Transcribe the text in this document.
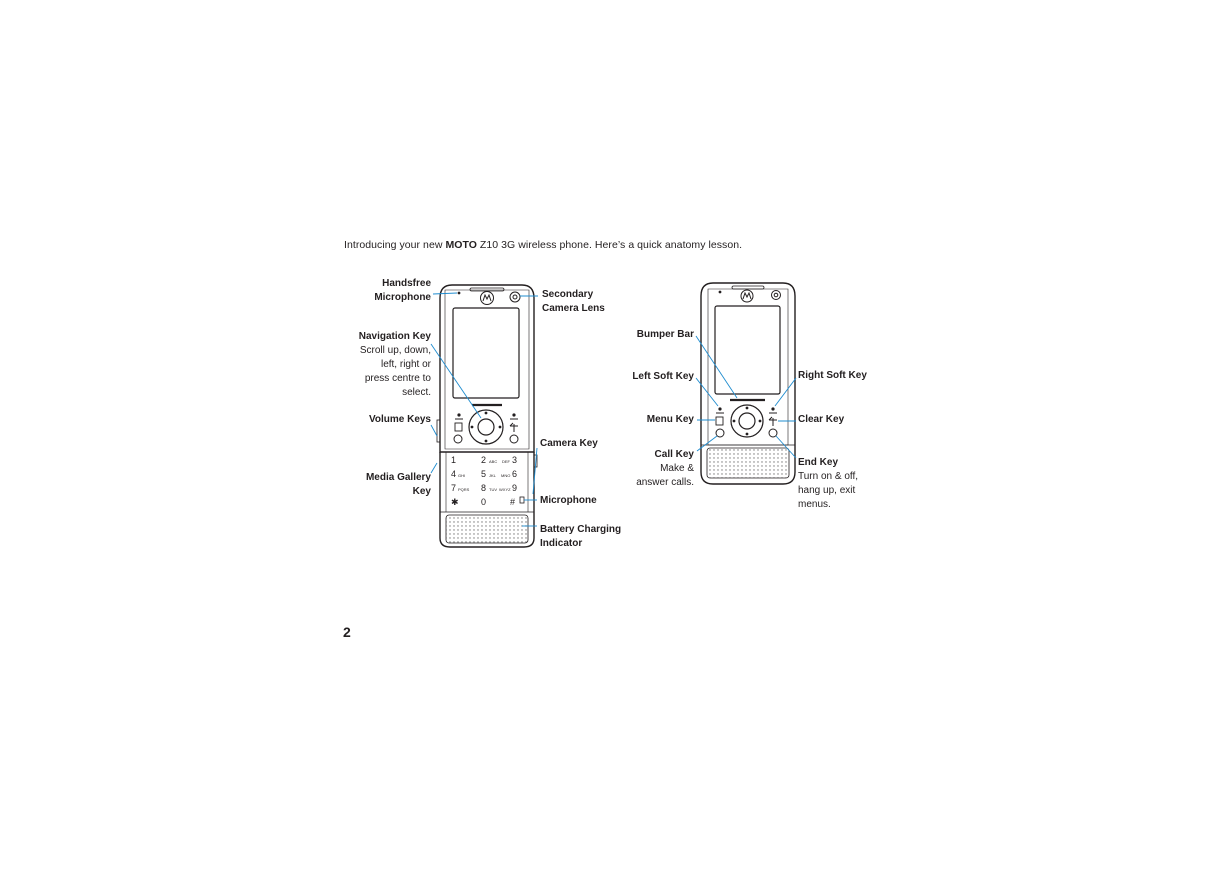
Introducing your new MOTO Z10 3G wireless phone. Here’s a quick anatomy lesson.
1	2 ABC DEF 3
4 GHI 5 JKL MNO 6
7 PQRS 8 TUV WXYZ 9
✱ 0	#
Handsfree
Microphone	Secondary
Camera Lens
Navigation Key
Scroll up, down,
left, right or
press centre to
select.
Volume Keys
Camera Key
Media Gallery
Key
Microphone
Battery Charging
Indicator
Bumper Bar
Left Soft Key	Right Soft Key
Menu Key	Clear Key
Call Key
Make &
answer calls.
End Key
Turn on & off,
hang up, exit
menus.
2
